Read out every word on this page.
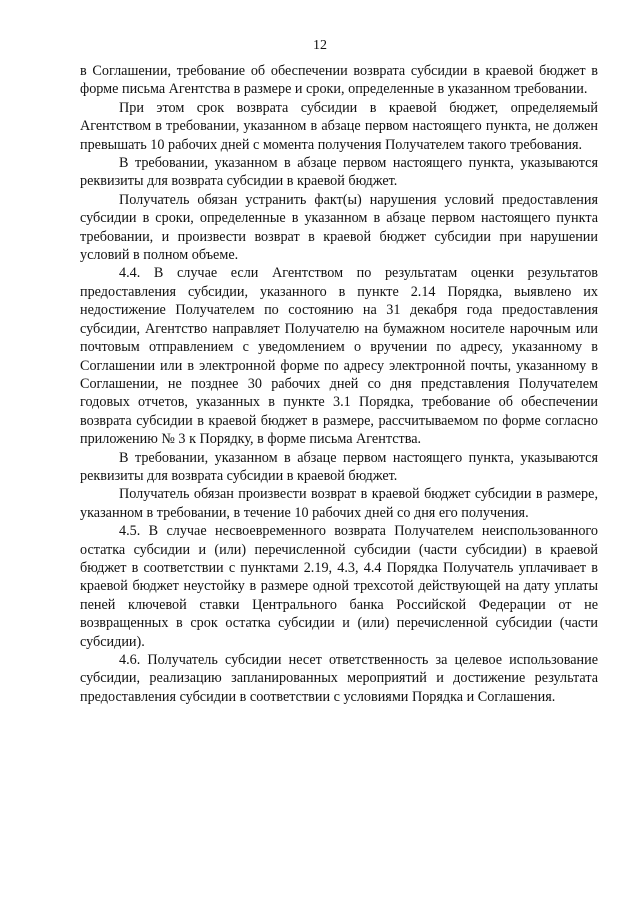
12

в Соглашении, требование об обеспечении возврата субсидии в краевой бюджет в форме письма Агентства в размере и сроки, определенные в указанном требовании.

При этом срок возврата субсидии в краевой бюджет, определяемый Агентством в требовании, указанном в абзаце первом настоящего пункта, не должен превышать 10 рабочих дней с момента получения Получателем такого требования.

В требовании, указанном в абзаце первом настоящего пункта, указываются реквизиты для возврата субсидии в краевой бюджет.

Получатель обязан устранить факт(ы) нарушения условий предоставления субсидии в сроки, определенные в указанном в абзаце первом настоящего пункта требовании, и произвести возврат в краевой бюджет субсидии при нарушении условий в полном объеме.

4.4. В случае если Агентством по результатам оценки результатов предоставления субсидии, указанного в пункте 2.14 Порядка, выявлено их недостижение Получателем по состоянию на 31 декабря года предоставления субсидии, Агентство направляет Получателю на бумажном носителе нарочным или почтовым отправлением с уведомлением о вручении по адресу, указанному в Соглашении или в электронной форме по адресу электронной почты, указанному в Соглашении, не позднее 30 рабочих дней со дня представления Получателем годовых отчетов, указанных в пункте 3.1 Порядка, требование об обеспечении возврата субсидии в краевой бюджет в размере, рассчитываемом по форме согласно приложению № 3 к Порядку, в форме письма Агентства.

В требовании, указанном в абзаце первом настоящего пункта, указываются реквизиты для возврата субсидии в краевой бюджет.

Получатель обязан произвести возврат в краевой бюджет субсидии в размере, указанном в требовании, в течение 10 рабочих дней со дня его получения.

4.5. В случае несвоевременного возврата Получателем неиспользованного остатка субсидии и (или) перечисленной субсидии (части субсидии) в краевой бюджет в соответствии с пунктами 2.19, 4.3, 4.4 Порядка Получатель уплачивает в краевой бюджет неустойку в размере одной трехсотой действующей на дату уплаты пеней ключевой ставки Центрального банка Российской Федерации от не возвращенных в срок остатка субсидии и (или) перечисленной субсидии (части субсидии).

4.6. Получатель субсидии несет ответственность за целевое использование субсидии, реализацию запланированных мероприятий и достижение результата предоставления субсидии в соответствии с условиями Порядка и Соглашения.
